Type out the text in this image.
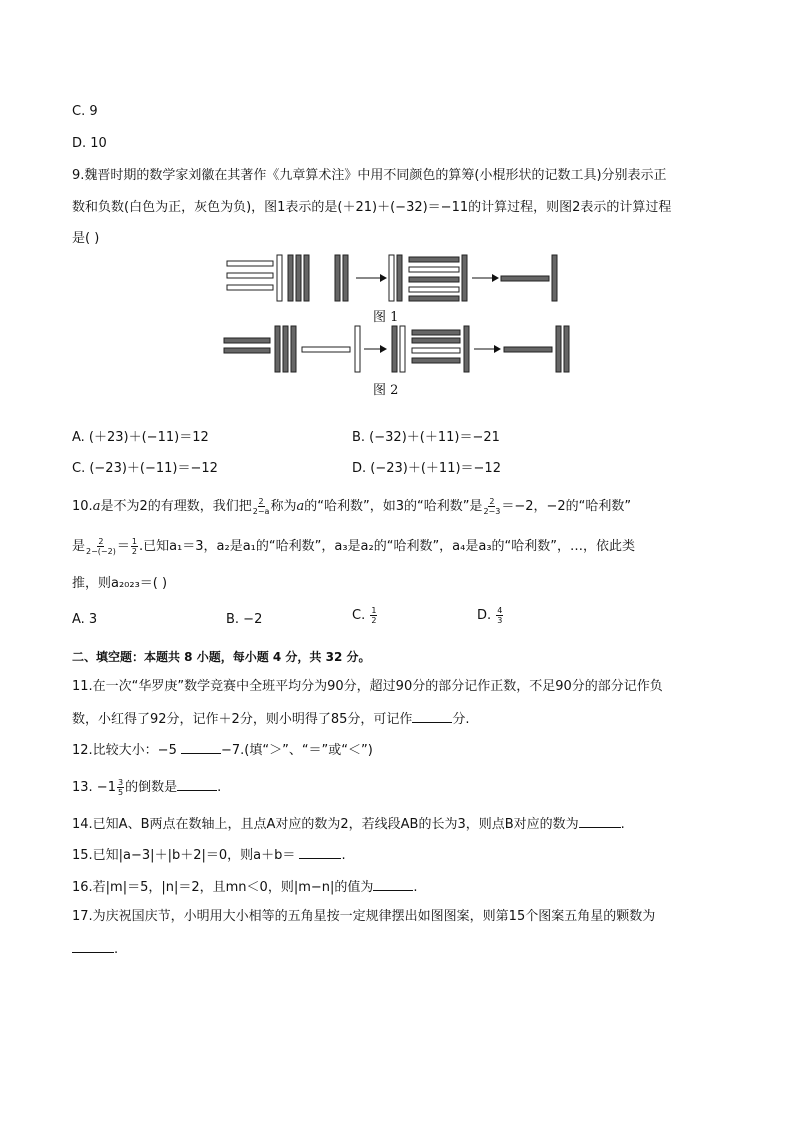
C. 9
D. 10
9.魏晋时期的数学家刘徽在其著作《九章算术注》中用不同颜色的算筹(小棍形状的记数工具)分别表示正
数和负数(白色为正，灰色为负)，图1表示的是(＋21)＋(−32)＝−11的计算过程，则图2表示的计算过程
是( )
图 1
图 2
A. (＋23)＋(−11)＝12	B. (−32)＋(＋11)＝−21
C. (−23)＋(−11)＝−12	D. (−23)＋(＋11)＝−12
10.a是不为2的有理数，我们把 $\frac{2}{2-a}$ 称为a的“哈利数”，如3的“哈利数”是 $\frac{2}{2-3} =-2$，−2的“哈利数”
是 $\frac{2}{2-(-2)} = \frac{1}{2}$ .已知a₁＝3，a₂是a₁的“哈利数”，a₃是a₂的“哈利数”，a₄是a₃的“哈利数”，…，依此类
推，则a₂₀₂₃＝( )
A. 3	B. −2	C. $\frac{1}{2}$	D. $\frac{4}{3}$
二、填空题：本题共 8 小题，每小题 4 分，共 32 分。
11.在一次“华罗庚”数学竞赛中全班平均分为90分，超过90分的部分记作正数，不足90分的部分记作负
数，小红得了92分，记作＋2分，则小明得了85分，可记作	分.
12.比较大小：−5	−7.(填“＞”、“＝”或“＜”)
13. $-1 \frac{3}{5}$ 的倒数是	.
14.已知A、B两点在数轴上，且点A对应的数为2，若线段AB的长为3，则点B对应的数为	.
15.已知|a−3|＋|b＋2|＝0，则a＋b＝	.
16.若|m|＝5，|n|＝2，且mn＜0，则|m−n|的值为	.
17.为庆祝国庆节，小明用大小相等的五角星按一定规律摆出如图图案，则第15个图案五角星的颗数为
.
